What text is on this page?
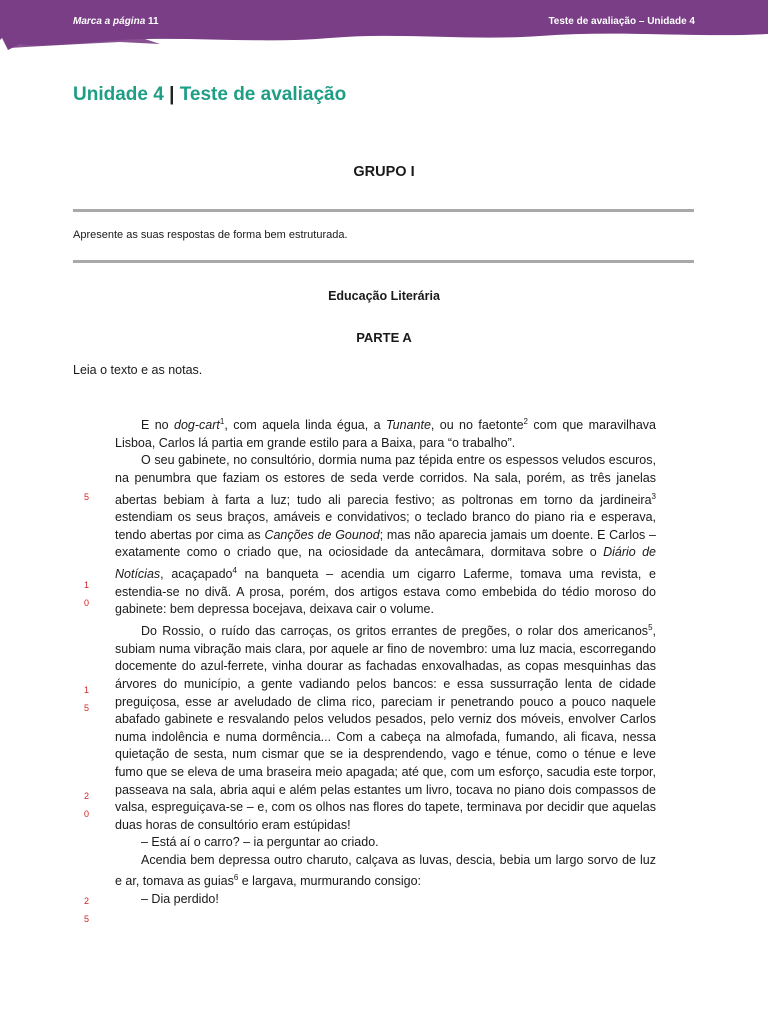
Marca a página 11	Teste de avaliação – Unidade 4
Unidade 4 | Teste de avaliação
GRUPO I
Apresente as suas respostas de forma bem estruturada.
Educação Literária
PARTE A
Leia o texto e as notas.

E no dog-cart$^1$, com aquela linda égua, a Tunante, ou no faetonte$^2$ com que maravilhava Lisboa, Carlos lá partia em grande estilo para a Baixa, para “o trabalho”.

O seu gabinete, no consultório, dormia numa paz tépida entre os espessos veludos escuros, na penumbra que faziam os estores de seda verde corridos. Na sala, porém, as três janelas abertas bebiam à farta a luz; tudo ali parecia festivo; as poltronas em torno da jardineira$^3$ estendiam os seus braços, amáveis e convidativos; o teclado branco do piano ria e esperava, tendo abertas por cima as Canções de Gounod; mas não aparecia jamais um doente. E Carlos – exatamente como o criado que, na ociosidade da antecâmara, dormitava sobre o Diário de Notícias, acaçapado$^4$ na banqueta – acendia um cigarro Laferme, tomava uma revista, e estendia-se no divã. A prosa, porém, dos artigos estava como embebida do tédio moroso do gabinete: bem depressa bocejava, deixava cair o volume.

Do Rossio, o ruído das carroças, os gritos errantes de pregões, o rolar dos americanos$^5$, subiam numa vibração mais clara, por aquele ar fino de novembro: uma luz macia, escorregando docemente do azul-ferrete, vinha dourar as fachadas enxovalhadas, as copas mesquinhas das árvores do município, a gente vadiando pelos bancos: e essa sussurração lenta de cidade preguiçosa, esse ar aveludado de clima rico, pareciam ir penetrando pouco a pouco naquele abafado gabinete e resvalando pelos veludos pesados, pelo verniz dos móveis, envolver Carlos numa indolência e numa dormência... Com a cabeça na almofada, fumando, ali ficava, nessa quietação de sesta, num cismar que se ia desprendendo, vago e ténue, como o ténue e leve fumo que se eleva de uma braseira meio apagada; até que, com um esforço, sacudia este torpor, passeava na sala, abria aqui e além pelas estantes um livro, tocava no piano dois compassos de valsa, espreguiçava-se – e, com os olhos nas flores do tapete, terminava por decidir que aquelas duas horas de consultório eram estúpidas!

– Está aí o carro? – ia perguntar ao criado.

Acendia bem depressa outro charuto, calçava as luvas, descia, bebia um largo sorvo de luz e ar, tomava as guias$^6$ e largava, murmurando consigo:

– Dia perdido!

5
1
0
1
5
2
0
2
5
